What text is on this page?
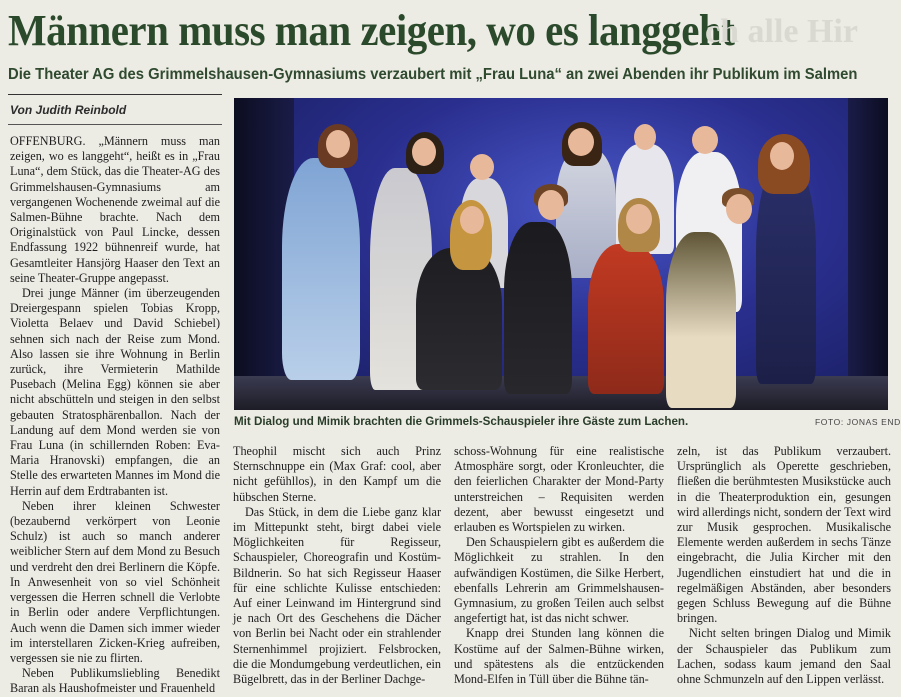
Männern muss man zeigen, wo es langgeht
ch alle Hir
Die Theater AG des Grimmelshausen-Gymnasiums verzaubert mit „Frau Luna“ an zwei Abenden ihr Publikum im Salmen
Von Judith Reinbold

OFFENBURG. „Männern muss man zeigen, wo es langgeht“, heißt es in „Frau Luna“, dem Stück, das die Theater-AG des Grimmelshausen-Gymnasiums am vergangenen Wochenende zweimal auf die Salmen-Bühne brachte. Nach dem Originalstück von Paul Lincke, dessen Endfassung 1922 bühnenreif wurde, hat Gesamtleiter Hansjörg Haaser den Text an seine Theater-Gruppe angepasst.

Drei junge Männer (im überzeugenden Dreiergespann spielen Tobias Kropp, Violetta Belaev und David Schiebel) sehnen sich nach der Reise zum Mond. Also lassen sie ihre Wohnung in Berlin zurück, ihre Vermieterin Mathilde Pusebach (Melina Egg) können sie aber nicht abschütteln und steigen in den selbst gebauten Stratosphärenballon. Nach der Landung auf dem Mond werden sie von Frau Luna (in schillernden Roben: Eva-Maria Hranovski) empfangen, die an Stelle des erwarteten Mannes im Mond die Herrin auf dem Erdtrabanten ist.

Neben ihrer kleinen Schwester (bezaubernd verkörpert von Leonie Schulz) ist auch so manch anderer weiblicher Stern auf dem Mond zu Besuch und verdreht den drei Berlinern die Köpfe. In Anwesenheit von so viel Schönheit vergessen die Herren schnell die Verlobte in Berlin oder andere Verpflichtungen. Auch wenn die Damen sich immer wieder im interstellaren Zicken-Krieg aufreiben, vergessen sie nie zu flirten.

Neben Publikumsliebling Benedikt Baran als Haushofmeister und Frauenheld

Mit Dialog und Mimik brachten die Grimmels-Schauspieler ihre Gäste zum Lachen.	FOTO: JONAS END

Theophil mischt sich auch Prinz Sternschnuppe ein (Max Graf: cool, aber nicht gefühllos), in den Kampf um die hübschen Sterne.

Das Stück, in dem die Liebe ganz klar im Mittepunkt steht, birgt dabei viele Möglichkeiten für Regisseur, Schauspieler, Choreografin und Kostüm-Bildnerin. So hat sich Regisseur Haaser für eine schlichte Kulisse entschieden: Auf einer Leinwand im Hintergrund sind je nach Ort des Geschehens die Dächer von Berlin bei Nacht oder ein strahlender Sternenhimmel projiziert. Felsbrocken, die die Mondumgebung verdeutlichen, ein Bügelbrett, das in der Berliner Dachge-

schoss-Wohnung für eine realistische Atmosphäre sorgt, oder Kronleuchter, die den feierlichen Charakter der Mond-Party unterstreichen – Requisiten werden dezent, aber bewusst eingesetzt und erlauben es Wortspielen zu wirken.

Den Schauspielern gibt es außerdem die Möglichkeit zu strahlen. In den aufwändigen Kostümen, die Silke Herbert, ebenfalls Lehrerin am Grimmelshausen-Gymnasium, zu großen Teilen auch selbst angefertigt hat, ist das nicht schwer.

Knapp drei Stunden lang können die Kostüme auf der Salmen-Bühne wirken, und spätestens als die entzückenden Mond-Elfen in Tüll über die Bühne tän-

zeln, ist das Publikum verzaubert. Ursprünglich als Operette geschrieben, fließen die berühmtesten Musikstücke auch in die Theaterproduktion ein, gesungen wird allerdings nicht, sondern der Text wird zur Musik gesprochen. Musikalische Elemente werden außerdem in sechs Tänze eingebracht, die Julia Kircher mit den Jugendlichen einstudiert hat und die in regelmäßigen Abständen, aber besonders gegen Schluss Bewegung auf die Bühne bringen.

Nicht selten bringen Dialog und Mimik der Schauspieler das Publikum zum Lachen, sodass kaum jemand den Saal ohne Schmunzeln auf den Lippen verlässt.
